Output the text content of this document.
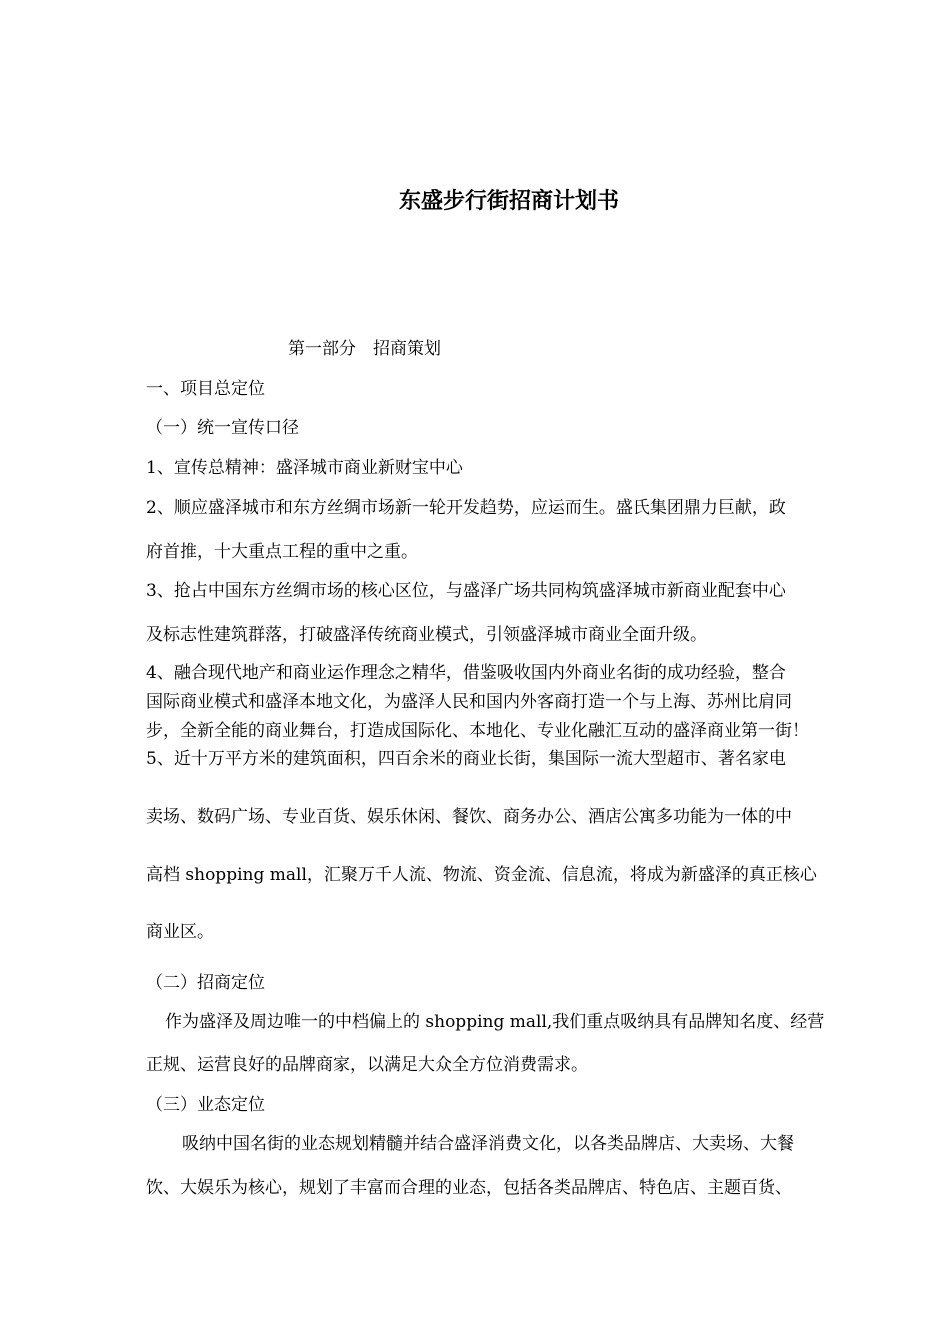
东盛步行街招商计划书
第一部分　招商策划
一、项目总定位
（一）统一宣传口径
1、宣传总精神：盛泽城市商业新财宝中心
2、顺应盛泽城市和东方丝绸市场新一轮开发趋势，应运而生。盛氏集团鼎力巨献，政
府首推，十大重点工程的重中之重。
3、抢占中国东方丝绸市场的核心区位，与盛泽广场共同构筑盛泽城市新商业配套中心
及标志性建筑群落，打破盛泽传统商业模式，引领盛泽城市商业全面升级。
4、融合现代地产和商业运作理念之精华，借鉴吸收国内外商业名街的成功经验，整合
国际商业模式和盛泽本地文化，为盛泽人民和国内外客商打造一个与上海、苏州比肩同
步，全新全能的商业舞台，打造成国际化、本地化、专业化融汇互动的盛泽商业第一街！
5、近十万平方米的建筑面积，四百余米的商业长街，集国际一流大型超市、著名家电
卖场、数码广场、专业百货、娱乐休闲、餐饮、商务办公、酒店公寓多功能为一体的中
高档 shopping mall，汇聚万千人流、物流、资金流、信息流，将成为新盛泽的真正核心
商业区。
（二）招商定位
作为盛泽及周边唯一的中档偏上的 shopping mall,我们重点吸纳具有品牌知名度、经营
正规、运营良好的品牌商家，以满足大众全方位消费需求。
（三）业态定位
吸纳中国名街的业态规划精髓并结合盛泽消费文化，以各类品牌店、大卖场、大餐
饮、大娱乐为核心，规划了丰富而合理的业态，包括各类品牌店、特色店、主题百货、
